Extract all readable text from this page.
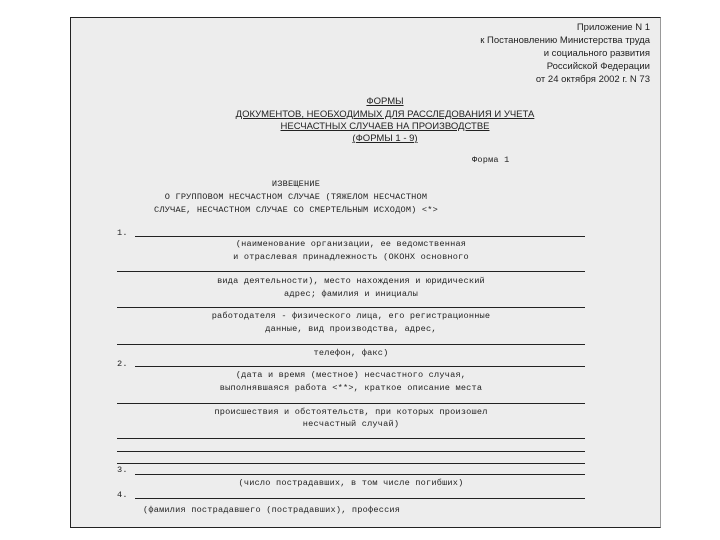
Приложение N 1
к Постановлению Министерства труда
и социального развития
Российской Федерации
от 24 октября 2002 г. N 73
ФОРМЫ
ДОКУМЕНТОВ, НЕОБХОДИМЫХ ДЛЯ РАССЛЕДОВАНИЯ И УЧЕТА
НЕСЧАСТНЫХ СЛУЧАЕВ НА ПРОИЗВОДСТВЕ
(ФОРМЫ 1 - 9)
Форма 1
ИЗВЕЩЕНИЕ
О ГРУППОВОМ НЕСЧАСТНОМ СЛУЧАЕ (ТЯЖЕЛОМ НЕСЧАСТНОМ
СЛУЧАЕ, НЕСЧАСТНОМ СЛУЧАЕ СО СМЕРТЕЛЬНЫМ ИСХОДОМ) <*>
1.
(наименование организации, ее ведомственная
и отраслевая принадлежность (ОКОНХ основного
вида деятельности), место нахождения и юридический
адрес; фамилия и инициалы
работодателя - физического лица, его регистрационные
данные, вид производства, адрес,
телефон, факс)
2.
(дата и время (местное) несчастного случая,
выполнявшаяся работа <**>, краткое описание места
происшествия и обстоятельств, при которых произошел
несчастный случай)
3.
(число пострадавших, в том числе погибших)
4.
(фамилия пострадавшего (пострадавших), профессия
